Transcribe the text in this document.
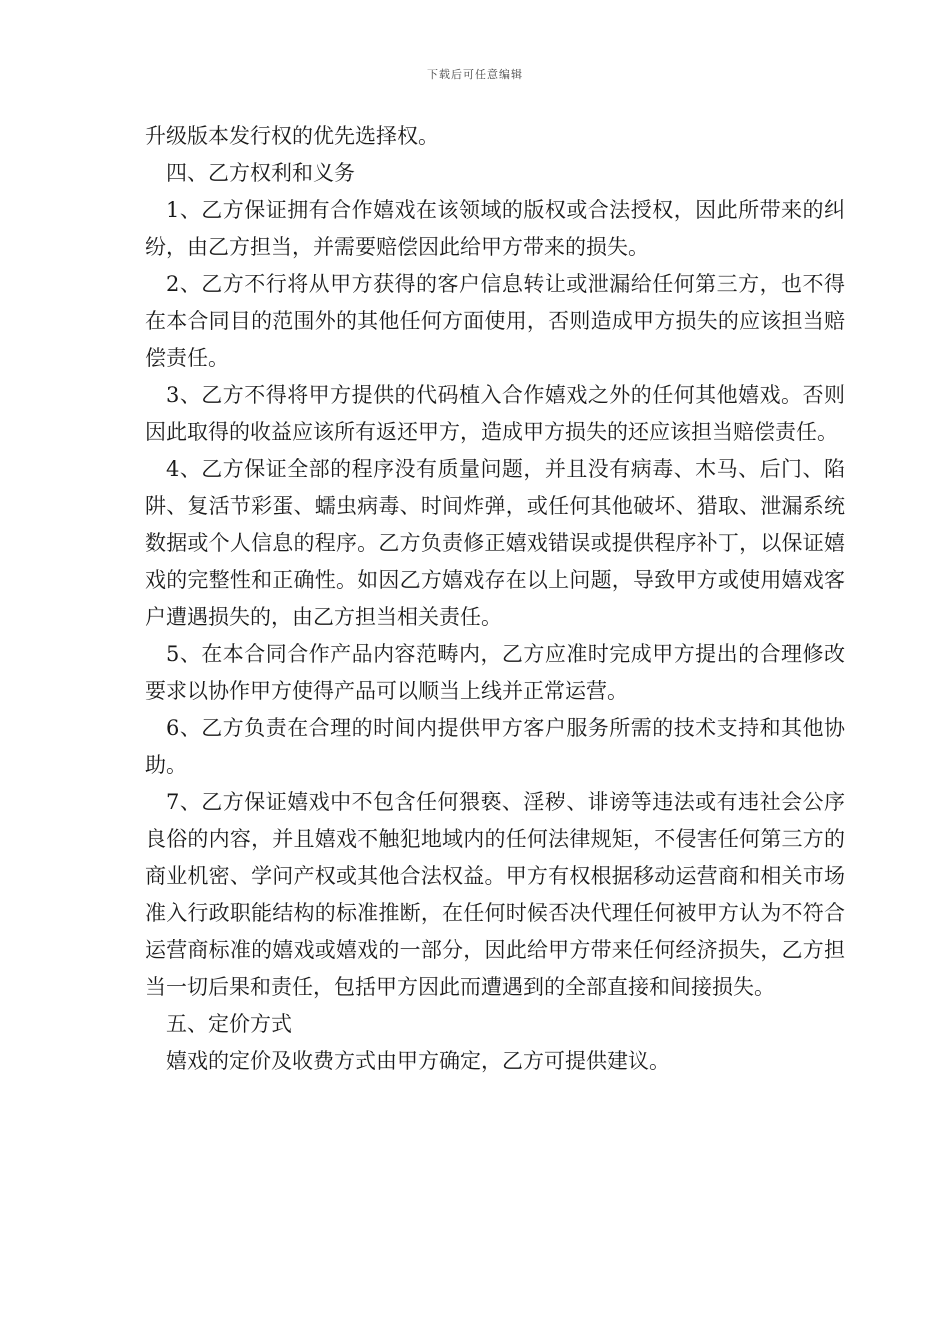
下载后可任意编辑

升级版本发行权的优先选择权。

四、乙方权利和义务

1、乙方保证拥有合作嬉戏在该领域的版权或合法授权，因此所带来的纠纷，由乙方担当，并需要赔偿因此给甲方带来的损失。

2、乙方不行将从甲方获得的客户信息转让或泄漏给任何第三方，也不得在本合同目的范围外的其他任何方面使用，否则造成甲方损失的应该担当赔偿责任。

3、乙方不得将甲方提供的代码植入合作嬉戏之外的任何其他嬉戏。否则因此取得的收益应该所有返还甲方，造成甲方损失的还应该担当赔偿责任。

4、乙方保证全部的程序没有质量问题，并且没有病毒、木马、后门、陷阱、复活节彩蛋、蠕虫病毒、时间炸弹，或任何其他破坏、猎取、泄漏系统数据或个人信息的程序。乙方负责修正嬉戏错误或提供程序补丁，以保证嬉戏的完整性和正确性。如因乙方嬉戏存在以上问题，导致甲方或使用嬉戏客户遭遇损失的，由乙方担当相关责任。

5、在本合同合作产品内容范畴内，乙方应准时完成甲方提出的合理修改要求以协作甲方使得产品可以顺当上线并正常运营。

6、乙方负责在合理的时间内提供甲方客户服务所需的技术支持和其他协助。

7、乙方保证嬉戏中不包含任何猥亵、淫秽、诽谤等违法或有违社会公序良俗的内容，并且嬉戏不触犯地域内的任何法律规矩，不侵害任何第三方的商业机密、学问产权或其他合法权益。甲方有权根据移动运营商和相关市场准入行政职能结构的标准推断，在任何时候否决代理任何被甲方认为不符合运营商标准的嬉戏或嬉戏的一部分，因此给甲方带来任何经济损失，乙方担当一切后果和责任，包括甲方因此而遭遇到的全部直接和间接损失。

五、定价方式

嬉戏的定价及收费方式由甲方确定，乙方可提供建议。
